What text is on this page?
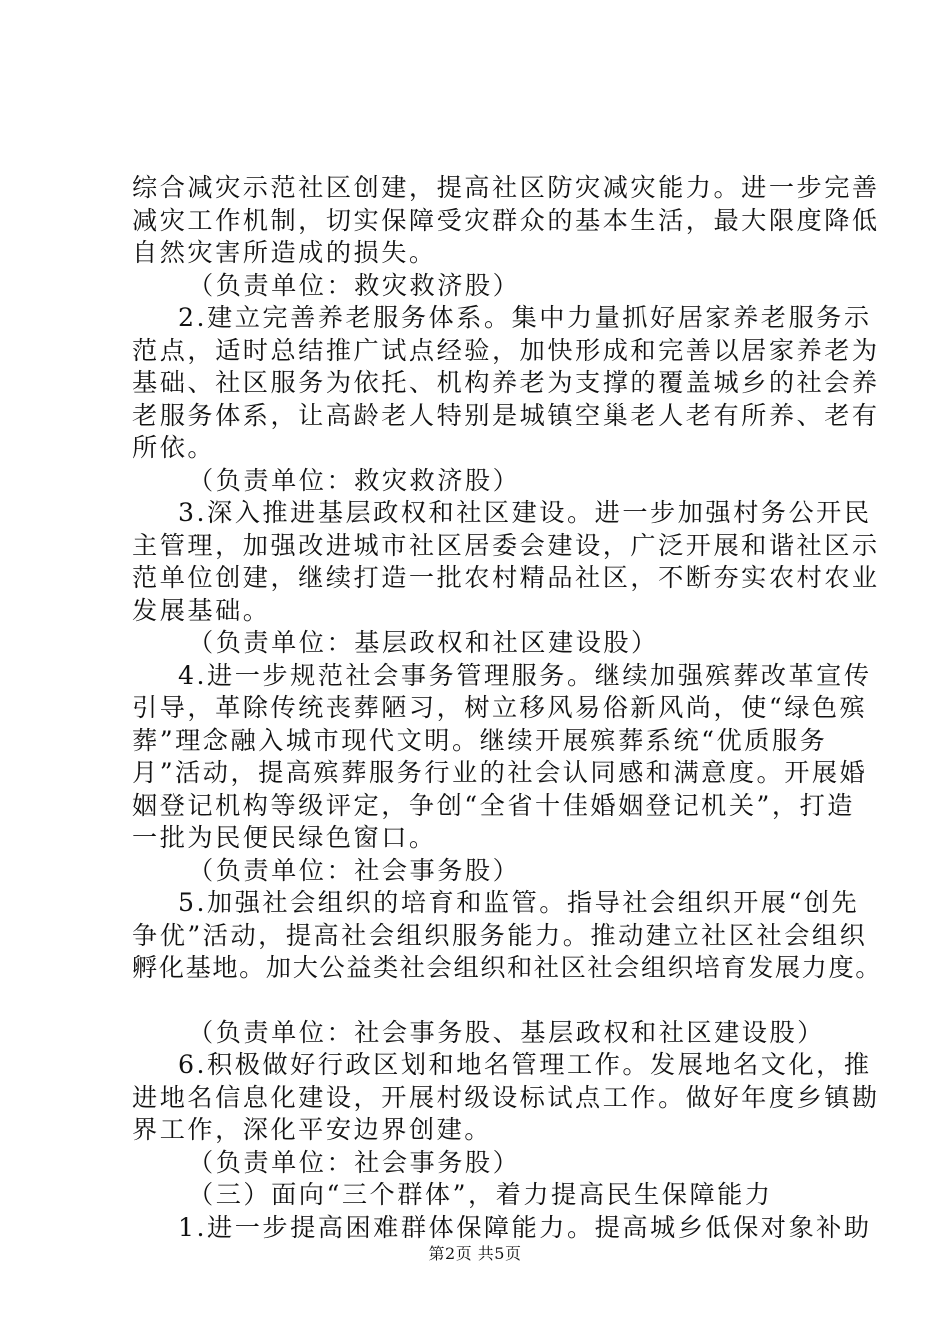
综合减灾示范社区创建，提高社区防灾减灾能力。进一步完善
减灾工作机制，切实保障受灾群众的基本生活，最大限度降低
自然灾害所造成的损失。
（负责单位：救灾救济股）
2.建立完善养老服务体系。集中力量抓好居家养老服务示
范点，适时总结推广试点经验，加快形成和完善以居家养老为
基础、社区服务为依托、机构养老为支撑的覆盖城乡的社会养
老服务体系，让高龄老人特别是城镇空巢老人老有所养、老有
所依。
（负责单位：救灾救济股）
3.深入推进基层政权和社区建设。进一步加强村务公开民
主管理，加强改进城市社区居委会建设，广泛开展和谐社区示
范单位创建，继续打造一批农村精品社区，不断夯实农村农业
发展基础。
（负责单位：基层政权和社区建设股）
4.进一步规范社会事务管理服务。继续加强殡葬改革宣传
引导，革除传统丧葬陋习，树立移风易俗新风尚，使“绿色殡
葬”理念融入城市现代文明。继续开展殡葬系统“优质服务
月”活动，提高殡葬服务行业的社会认同感和满意度。开展婚
姻登记机构等级评定，争创“全省十佳婚姻登记机关”，打造
一批为民便民绿色窗口。
（负责单位：社会事务股）
5.加强社会组织的培育和监管。指导社会组织开展“创先
争优”活动，提高社会组织服务能力。推动建立社区社会组织
孵化基地。加大公益类社会组织和社区社会组织培育发展力度。
（负责单位：社会事务股、基层政权和社区建设股）
6.积极做好行政区划和地名管理工作。发展地名文化，推
进地名信息化建设，开展村级设标试点工作。做好年度乡镇勘
界工作，深化平安边界创建。
（负责单位：社会事务股）
（三）面向“三个群体”，着力提高民生保障能力
1.进一步提高困难群体保障能力。提高城乡低保对象补助
第2页 共5页
